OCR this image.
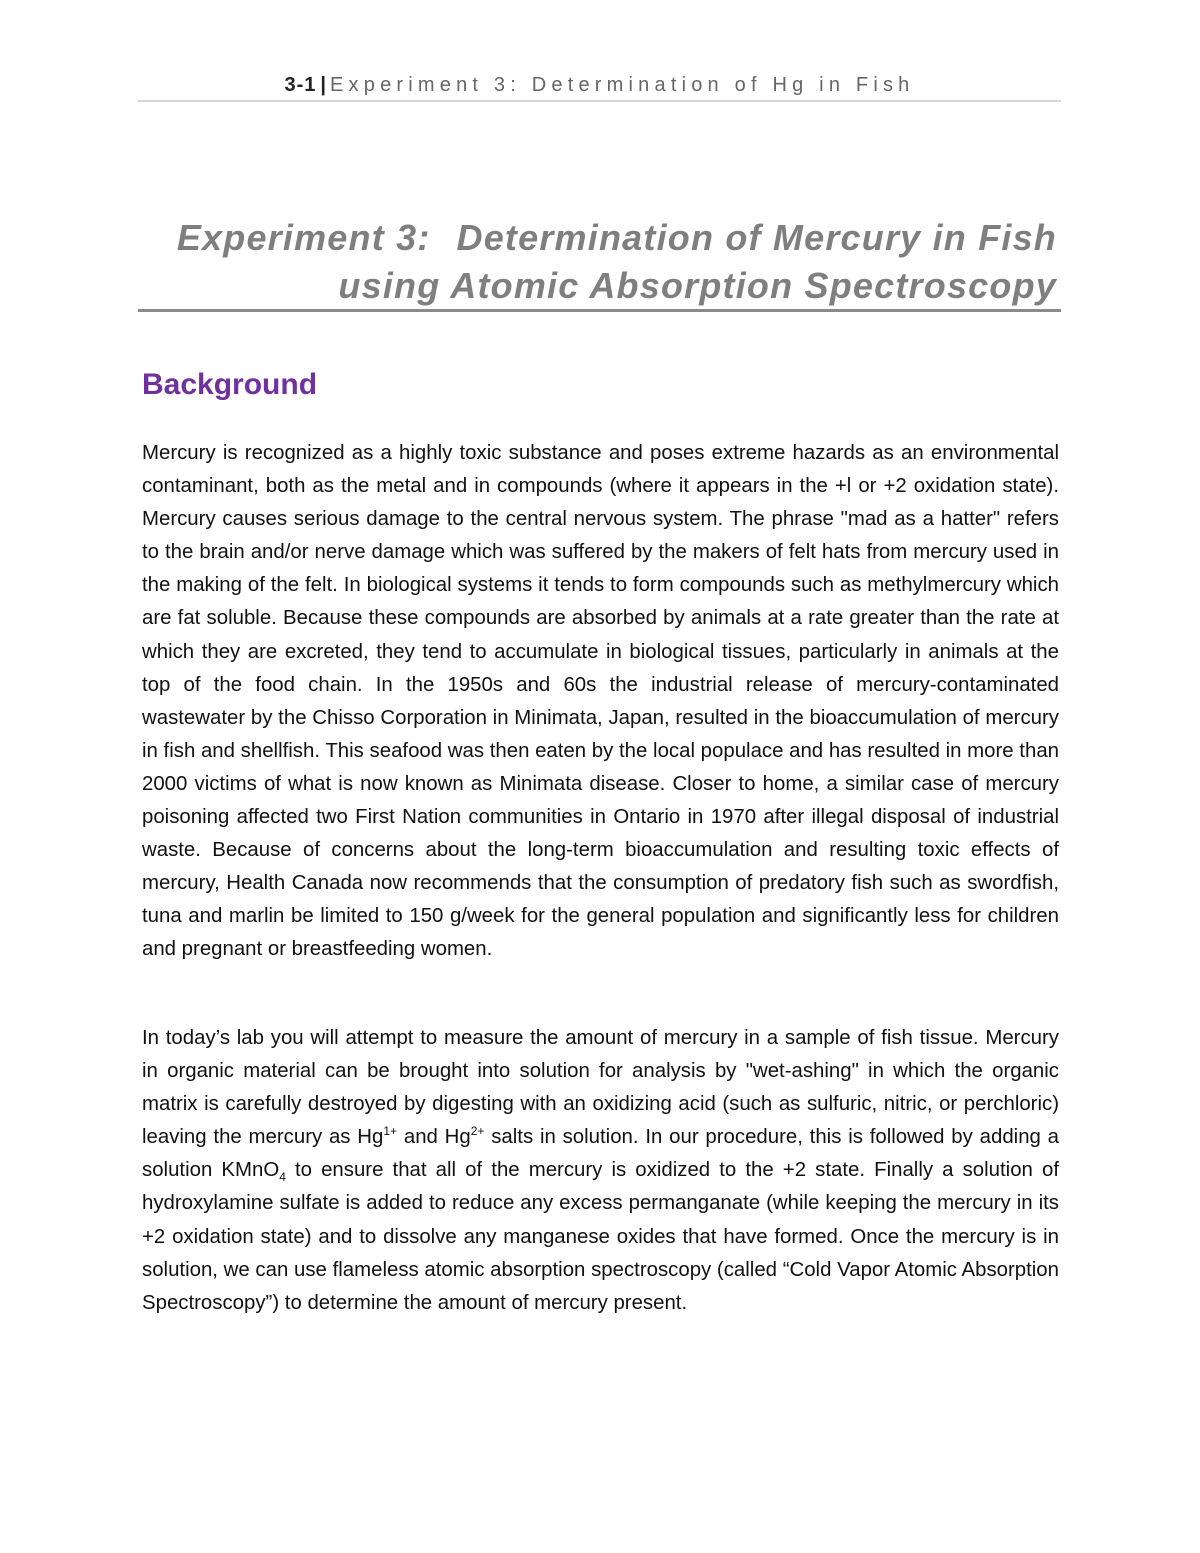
3-1 | Experiment 3: Determination of Hg in Fish
Experiment 3: Determination of Mercury in Fish
using Atomic Absorption Spectroscopy
Background

Mercury is recognized as a highly toxic substance and poses extreme hazards as an environmental contaminant, both as the metal and in compounds (where it appears in the +l or +2 oxidation state). Mercury causes serious damage to the central nervous system. The phrase "mad as a hatter" refers to the brain and/or nerve damage which was suffered by the makers of felt hats from mercury used in the making of the felt. In biological systems it tends to form compounds such as methylmercury which are fat soluble. Because these compounds are absorbed by animals at a rate greater than the rate at which they are excreted, they tend to accumulate in biological tissues, particularly in animals at the top of the food chain. In the 1950s and 60s the industrial release of mercury-contaminated wastewater by the Chisso Corporation in Minimata, Japan, resulted in the bioaccumulation of mercury in fish and shellfish. This seafood was then eaten by the local populace and has resulted in more than 2000 victims of what is now known as Minimata disease. Closer to home, a similar case of mercury poisoning affected two First Nation communities in Ontario in 1970 after illegal disposal of industrial waste. Because of concerns about the long-term bioaccumulation and resulting toxic effects of mercury, Health Canada now recommends that the consumption of predatory fish such as swordfish, tuna and marlin be limited to 150 g/week for the general population and significantly less for children and pregnant or breastfeeding women.

In today’s lab you will attempt to measure the amount of mercury in a sample of fish tissue. Mercury in organic material can be brought into solution for analysis by "wet-ashing" in which the organic matrix is carefully destroyed by digesting with an oxidizing acid (such as sulfuric, nitric, or perchloric) leaving the mercury as $Hg^{1+}$ and $Hg^{2+}$ salts in solution. In our procedure, this is followed by adding a solution KMnO$_4$ to ensure that all of the mercury is oxidized to the +2 state. Finally a solution of hydroxylamine sulfate is added to reduce any excess permanganate (while keeping the mercury in its +2 oxidation state) and to dissolve any manganese oxides that have formed. Once the mercury is in solution, we can use flameless atomic absorption spectroscopy (called “Cold Vapor Atomic Absorption Spectroscopy”) to determine the amount of mercury present.
